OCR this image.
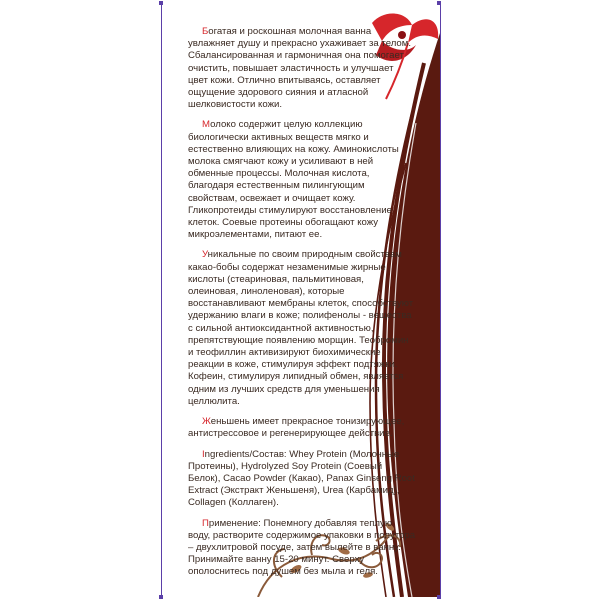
Богатая и роскошная молочная ванна увлажняет душу и прекрасно ухаживает за телом. Сбалансированная и гармоничная она помогает очистить, повышает эластичность и улучшает цвет кожи. Отлично впитываясь, оставляет ощущение здорового сияния и атласной шелковистости кожи.

Молоко содержит целую коллекцию биологически активных веществ мягко и естественно влияющих на кожу. Аминокислоты молока смягчают кожу и усиливают в ней обменные процессы. Молочная кислота, благодаря естественным пилингующим свойствам, освежает и очищает кожу. Гликопротеиды стимулируют восстановление клеток. Соевые протеины обогащают кожу микроэлементами, питают ее.

Уникальные по своим природным свойствам какао-бобы содержат незаменимые жирные кислоты (стеариновая, пальмитиновая, олеиновая, линоленовая), которые восстанавливают мембраны клеток, способствуют удержанию влаги в коже; полифенолы - вещества с сильной антиоксидантной активностью, препятствующие появлению морщин. Теобромин и теофиллин активизируют биохимические реакции в коже, стимулируя эффект подтяжки. Кофеин, стимулируя липидный обмен, является одним из лучших средств для уменьшения целлюлита.

Женьшень имеет прекрасное тонизирующее, антистрессовое и регенерирующее действие.

Ingredients/Состав: Whey Protein (Молочные Протеины), Hydrolyzed Soy Protein (Соевый Белок), Cacao Powder (Какао), Panax Ginseng Root Extract (Экстракт Женьшеня), Urea (Карбамид), Collagen (Коллаген).

Применение: Понемногу добавляя теплую воду, растворите содержимое упаковки в полутора – двухлитровой посуде, затем вылейте в ванну. Принимайте ванну 15-20 минут. Сверху ополоснитесь под душем без мыла и геля.
